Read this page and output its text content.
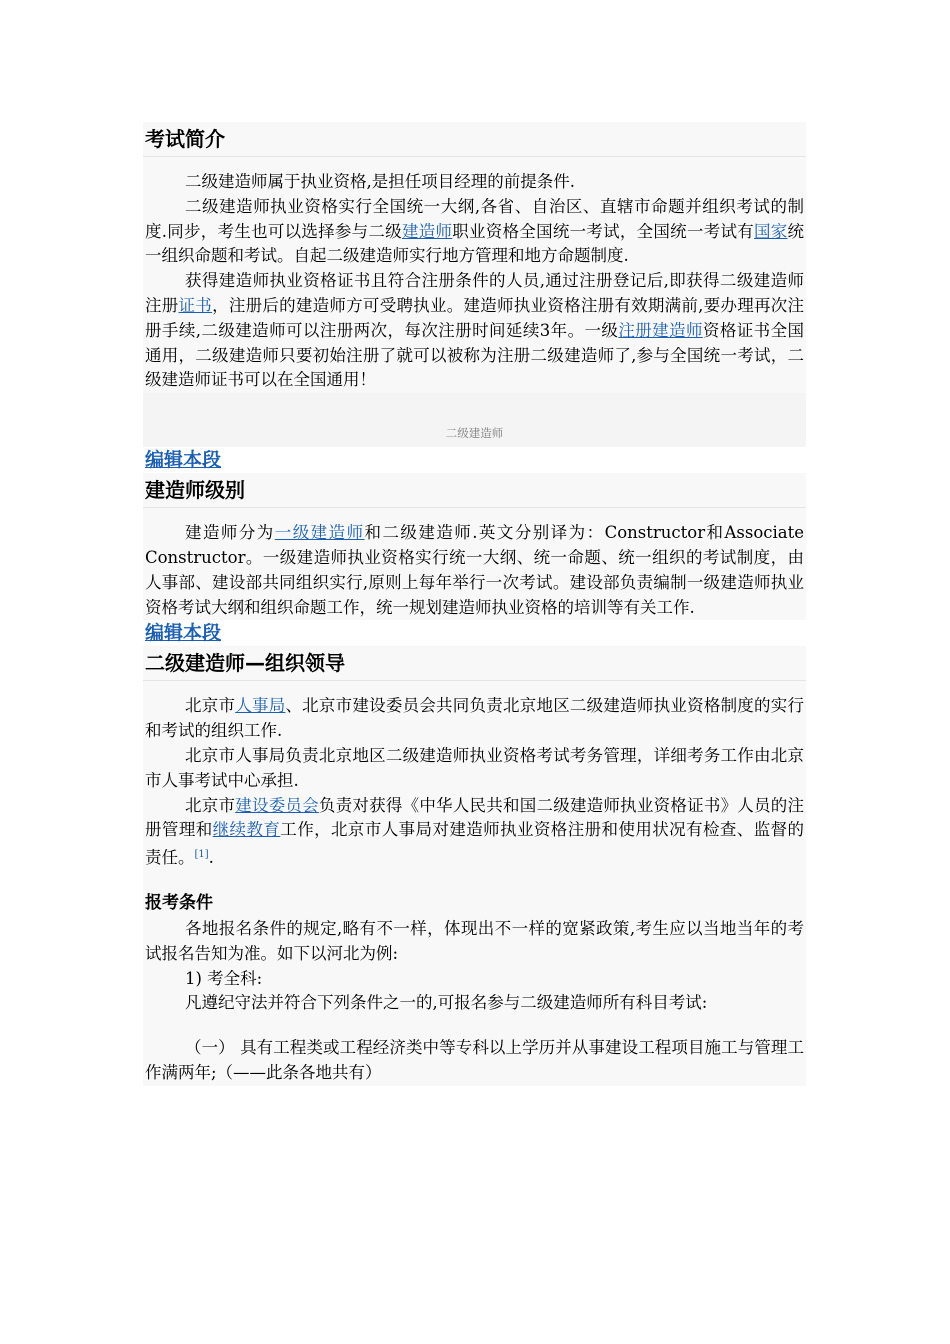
考试简介

二级建造师属于执业资格,是担任项目经理的前提条件.

二级建造师执业资格实行全国统一大纲,各省、自治区、直辖市命题并组织考试的制度.同步，考生也可以选择参与二级建造师职业资格全国统一考试，全国统一考试有国家统一组织命题和考试。自起二级建造师实行地方管理和地方命题制度.

获得建造师执业资格证书且符合注册条件的人员,通过注册登记后,即获得二级建造师注册证书，注册后的建造师方可受聘执业。建造师执业资格注册有效期满前,要办理再次注册手续,二级建造师可以注册两次，每次注册时间延续3年。一级注册建造师资格证书全国通用，二级建造师只要初始注册了就可以被称为注册二级建造师了,参与全国统一考试，二级建造师证书可以在全国通用！

二级建造师

编辑本段

建造师级别

建造师分为一级建造师和二级建造师.英文分别译为：Constructor和Associate Constructor。一级建造师执业资格实行统一大纲、统一命题、统一组织的考试制度，由人事部、建设部共同组织实行,原则上每年举行一次考试。建设部负责编制一级建造师执业资格考试大纲和组织命题工作，统一规划建造师执业资格的培训等有关工作.

编辑本段

二级建造师—组织领导

北京市人事局、北京市建设委员会共同负责北京地区二级建造师执业资格制度的实行和考试的组织工作.

北京市人事局负责北京地区二级建造师执业资格考试考务管理，详细考务工作由北京市人事考试中心承担.

北京市建设委员会负责对获得《中华人民共和国二级建造师执业资格证书》人员的注册管理和继续教育工作，北京市人事局对建造师执业资格注册和使用状况有检查、监督的责任。[1].

报考条件

各地报名条件的规定,略有不一样，体现出不一样的宽紧政策,考生应以当地当年的考试报名告知为准。如下以河北为例:

1) 考全科:

凡遵纪守法并符合下列条件之一的,可报名参与二级建造师所有科目考试:

（一） 具有工程类或工程经济类中等专科以上学历并从事建设工程项目施工与管理工作满两年;（——此条各地共有）
